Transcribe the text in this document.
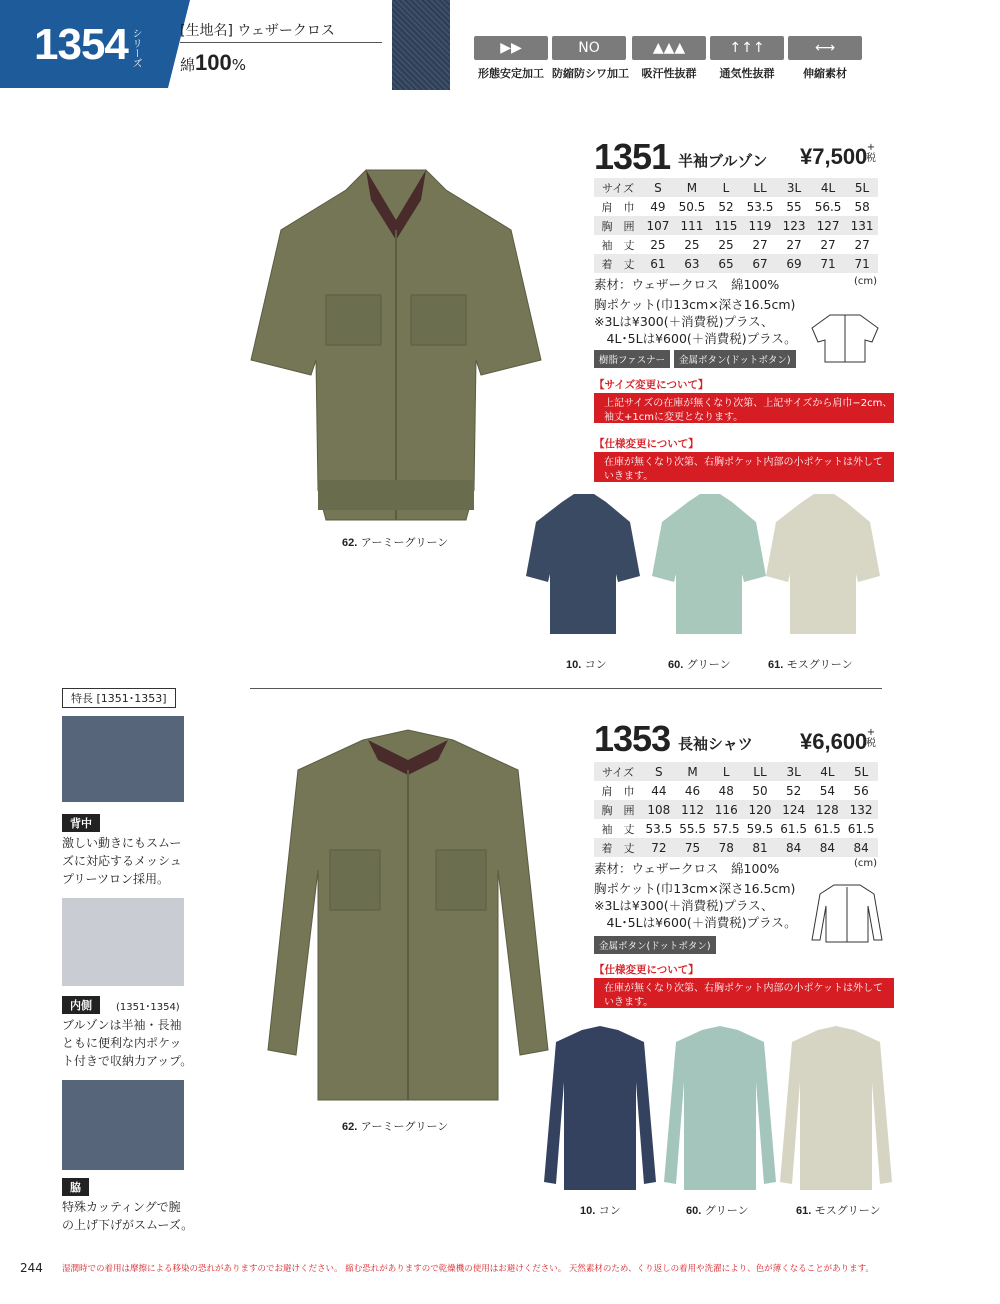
1354 シリーズ	[生地名] ウェザークロス
綿100%
▶▶
形態安定加工
NO
防縮防シワ加工
▲▲▲
吸汗性抜群
↑↑↑
通気性抜群
⟷
伸縮素材
62. アーミーグリーン
1351 半袖ブルゾン ¥7,500 +
税
サイズ	S	M	L	LL	3L	4L	5L
肩　巾	49	50.5	52	53.5	55	56.5	58
胸　囲	107	111	115	119	123	127	131
袖　丈	25	25	25	27	27	27	27
着　丈	61	63	65	67	69	71	71
(cm)
素材：ウェザークロス　綿100%
胸ポケット(巾13cm×深さ16.5cm)
※3Lは¥300(＋消費税)プラス、
　4L･5Lは¥600(＋消費税)プラス。
樹脂ファスナー	金属ボタン(ドットボタン)
【サイズ変更について】
上記サイズの在庫が無くなり次第、上記サイズから肩巾−2cm、
袖丈+1cmに変更となります。
【仕様変更について】
在庫が無くなり次第、右胸ポケット内部の小ポケットは外して
いきます。
10. コン	60. グリーン	61. モスグリーン
特長 [1351･1353]
背中
激しい動きにもスムー
ズに対応するメッシュ
プリーツロン採用。
内側	(1351･1354)
ブルゾンは半袖・長袖
ともに便利な内ポケッ
ト付きで収納力アップ。
脇
特殊カッティングで腕
の上げ下げがスムーズ。
62. アーミーグリーン
1353 長袖シャツ ¥6,600 +
税
サイズ	S	M	L	LL	3L	4L	5L
肩　巾	44	46	48	50	52	54	56
胸　囲	108	112	116	120	124	128	132
袖　丈	53.5	55.5	57.5	59.5	61.5	61.5	61.5
着　丈	72	75	78	81	84	84	84
(cm)
素材：ウェザークロス　綿100%
胸ポケット(巾13cm×深さ16.5cm)
※3Lは¥300(＋消費税)プラス、
　4L･5Lは¥600(＋消費税)プラス。
金属ボタン(ドットボタン)
【仕様変更について】
在庫が無くなり次第、右胸ポケット内部の小ポケットは外して
いきます。
10. コン	60. グリーン	61. モスグリーン
244 湿潤時での着用は摩擦による移染の恐れがありますのでお避けください。 縮む恐れがありますので乾燥機の使用はお避けください。 天然素材のため、くり返しの着用や洗濯により、色が薄くなることがあります。
